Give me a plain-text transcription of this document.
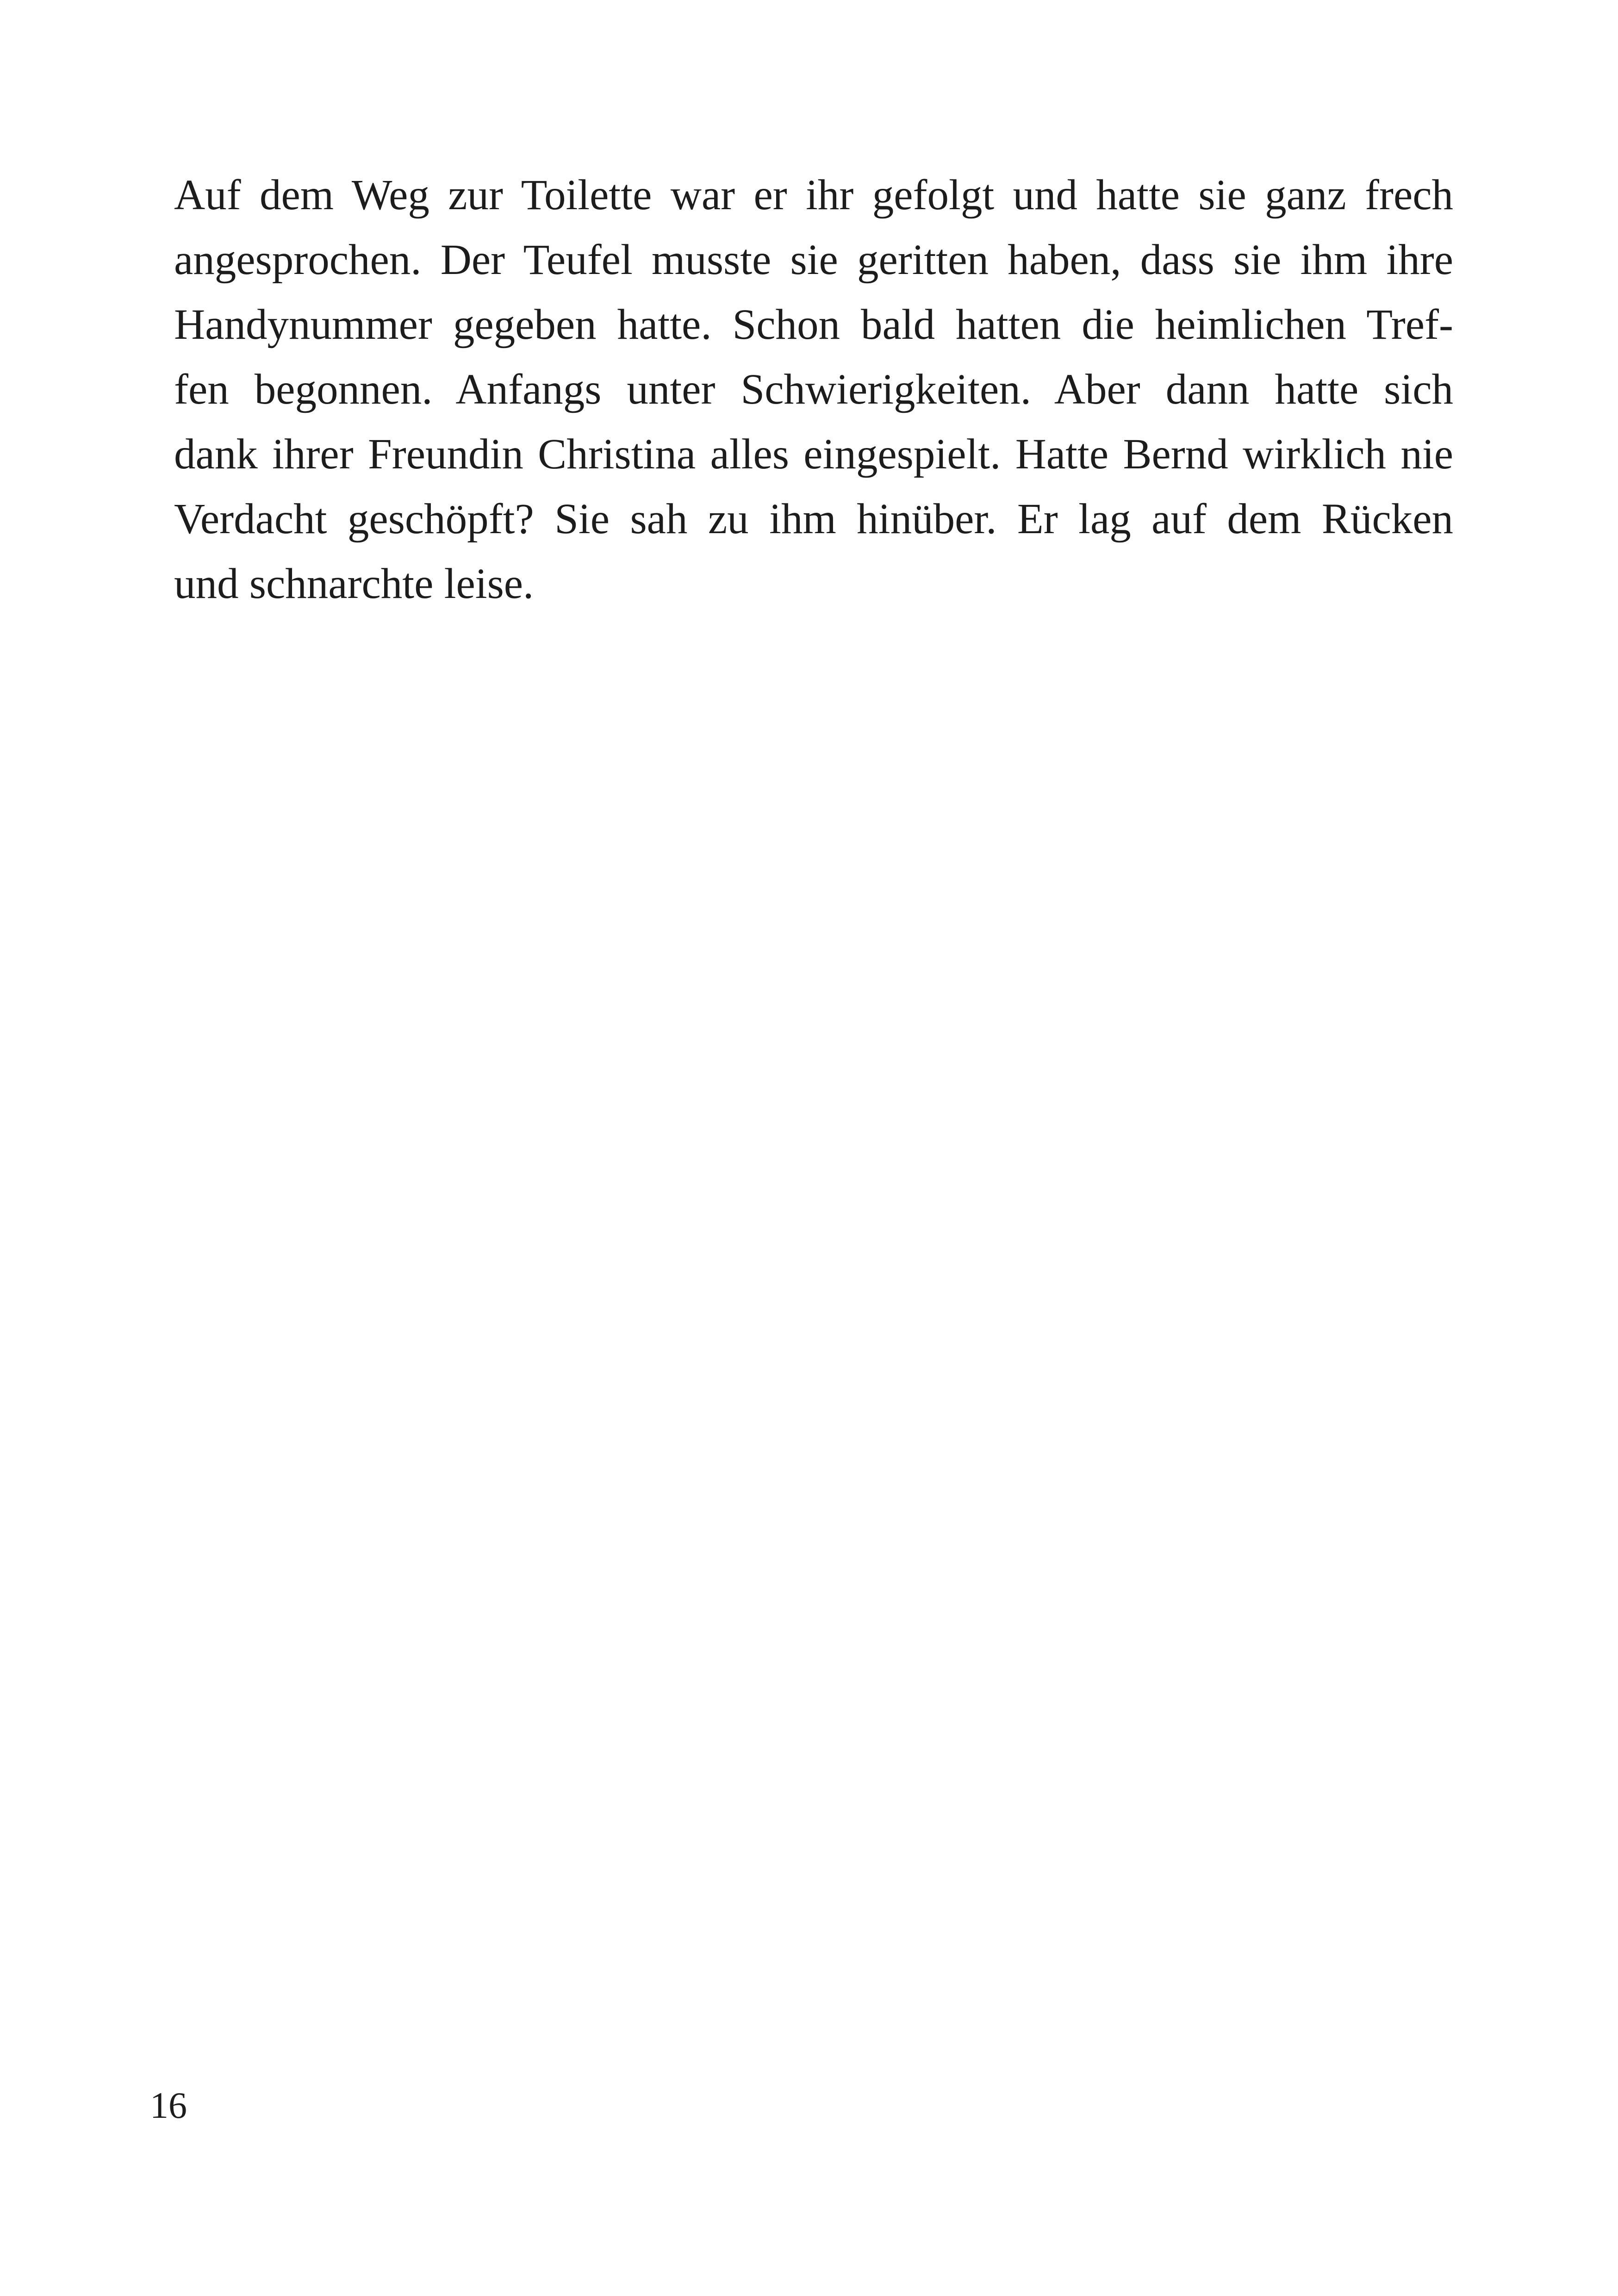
Auf dem Weg zur Toilette war er ihr gefolgt und hatte sie ganz frech
angesprochen. Der Teufel musste sie geritten haben, dass sie ihm ihre
Handynummer gegeben hatte. Schon bald hatten die heimlichen Tref-
fen begonnen. Anfangs unter Schwierigkeiten. Aber dann hatte sich
dank ihrer Freundin Christina alles eingespielt. Hatte Bernd wirklich nie
Verdacht geschöpft? Sie sah zu ihm hinüber. Er lag auf dem Rücken
und schnarchte leise.
16
